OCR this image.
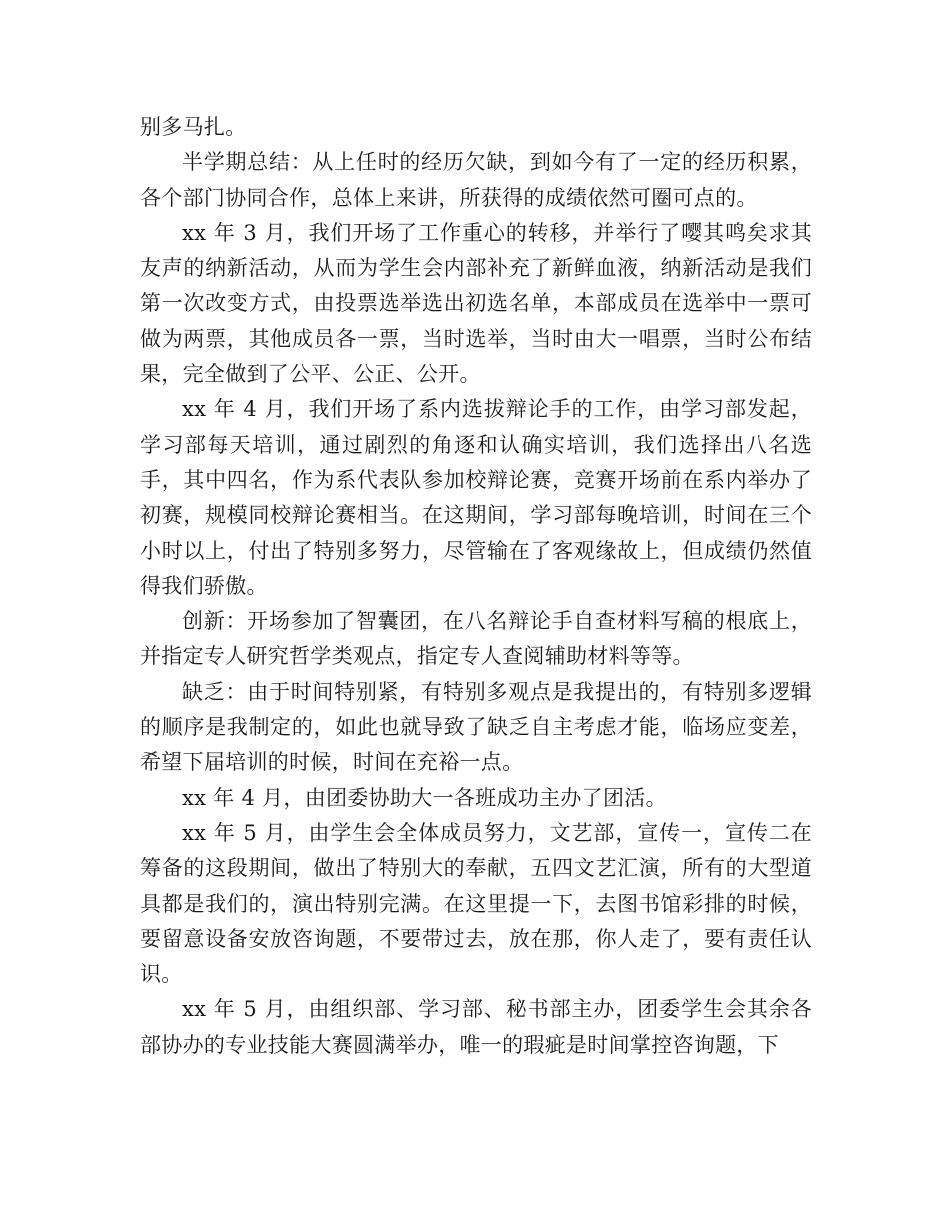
别多马扎。

半学期总结：从上任时的经历欠缺，到如今有了一定的经历积累，各个部门协同合作，总体上来讲，所获得的成绩依然可圈可点的。

xx 年 3 月，我们开场了工作重心的转移，并举行了嘤其鸣矣求其友声的纳新活动，从而为学生会内部补充了新鲜血液，纳新活动是我们第一次改变方式，由投票选举选出初选名单，本部成员在选举中一票可做为两票，其他成员各一票，当时选举，当时由大一唱票，当时公布结果，完全做到了公平、公正、公开。

xx 年 4 月，我们开场了系内选拔辩论手的工作，由学习部发起，学习部每天培训，通过剧烈的角逐和认确实培训，我们选择出八名选手，其中四名，作为系代表队参加校辩论赛，竞赛开场前在系内举办了初赛，规模同校辩论赛相当。在这期间，学习部每晚培训，时间在三个小时以上，付出了特别多努力，尽管输在了客观缘故上，但成绩仍然值得我们骄傲。

创新：开场参加了智囊团，在八名辩论手自查材料写稿的根底上，并指定专人研究哲学类观点，指定专人查阅辅助材料等等。

缺乏：由于时间特别紧，有特别多观点是我提出的，有特别多逻辑的顺序是我制定的，如此也就导致了缺乏自主考虑才能，临场应变差，希望下届培训的时候，时间在充裕一点。

xx 年 4 月，由团委协助大一各班成功主办了团活。

xx 年 5 月，由学生会全体成员努力，文艺部，宣传一，宣传二在筹备的这段期间，做出了特别大的奉献，五四文艺汇演，所有的大型道具都是我们的，演出特别完满。在这里提一下，去图书馆彩排的时候，要留意设备安放咨询题，不要带过去，放在那，你人走了，要有责任认识。

xx 年 5 月，由组织部、学习部、秘书部主办，团委学生会其余各部协办的专业技能大赛圆满举办，唯一的瑕疵是时间掌控咨询题，下
